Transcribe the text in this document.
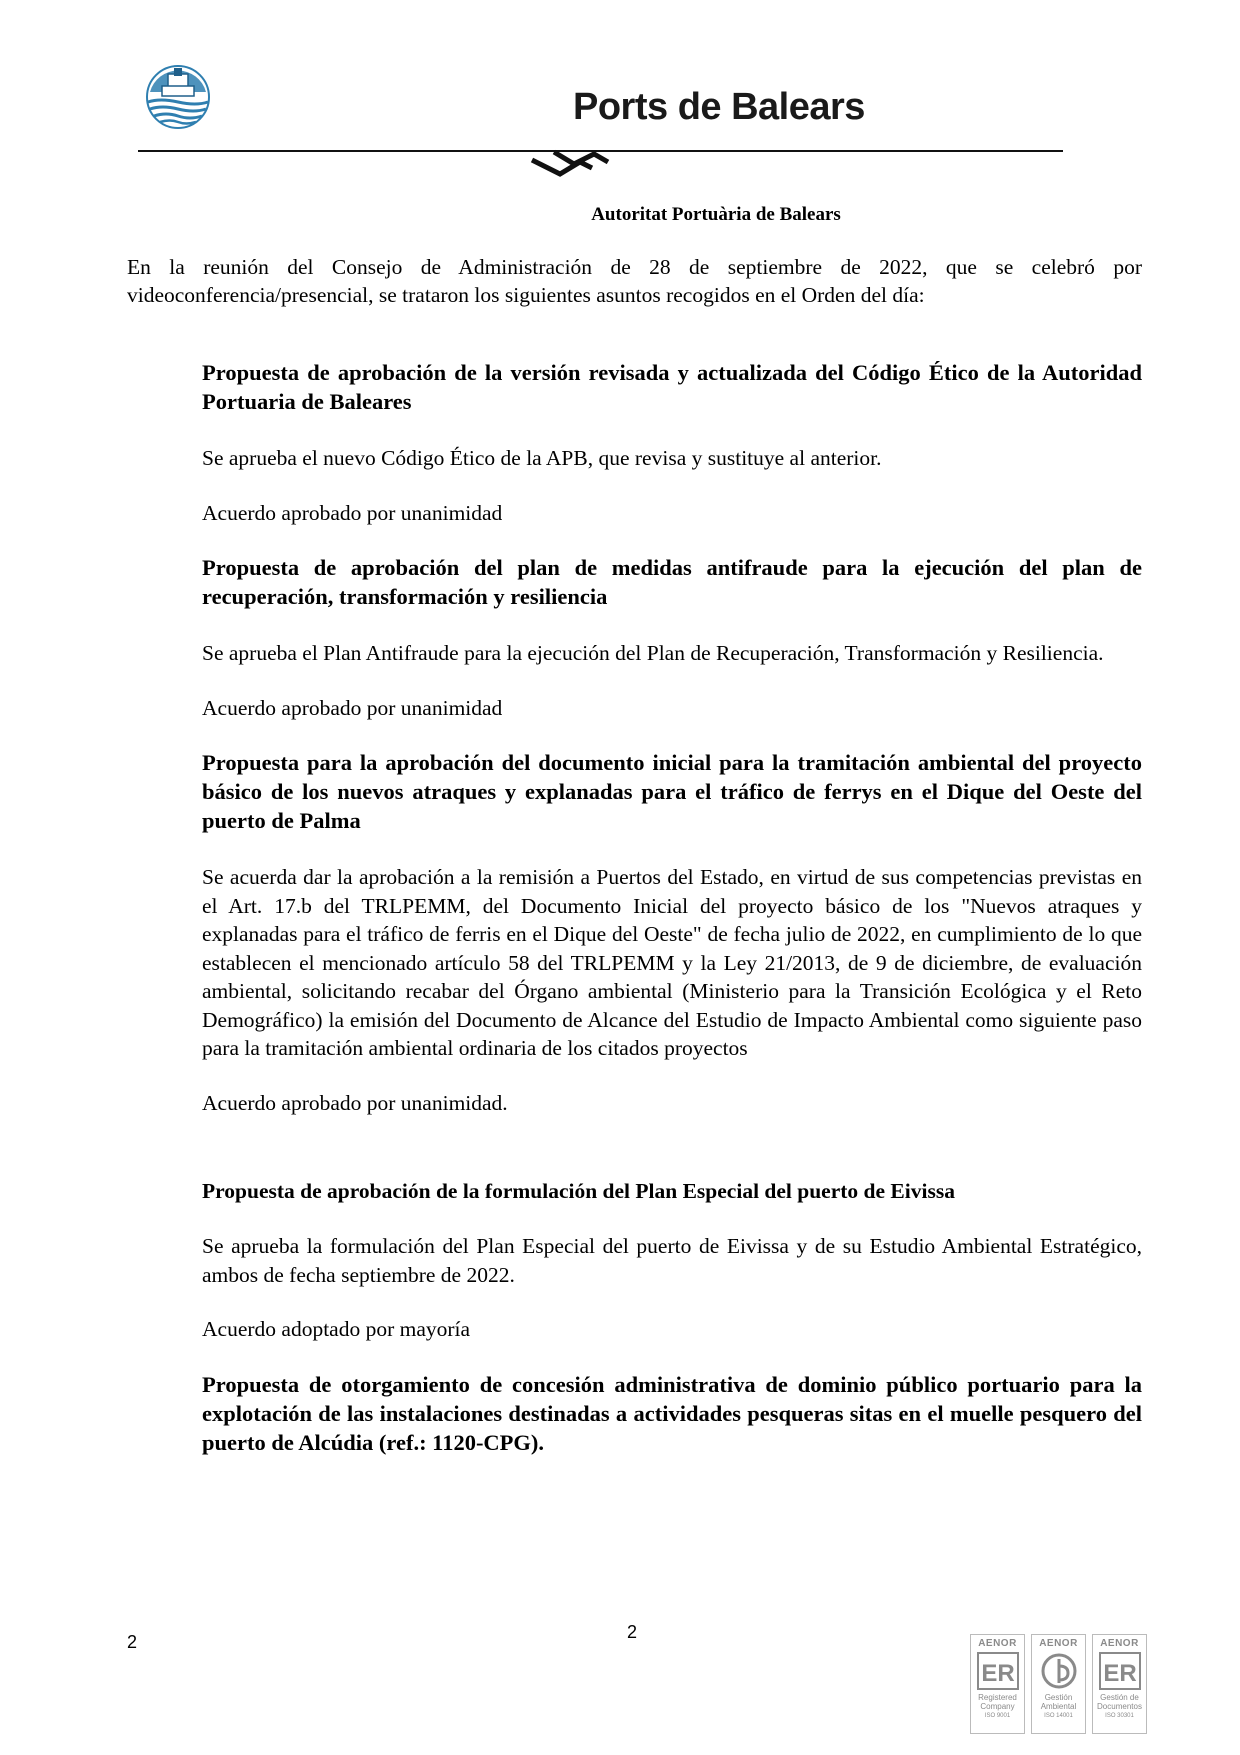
Ports de Balears
Autoritat Portuària de Balears

En la reunión del Consejo de Administración de 28 de septiembre de 2022, que se celebró por videoconferencia/presencial, se trataron los siguientes asuntos recogidos en el Orden del día:

Propuesta de aprobación de la versión revisada y actualizada del Código Ético de la Autoridad Portuaria de Baleares

Se aprueba el nuevo Código Ético de la APB, que revisa y sustituye al anterior.

Acuerdo aprobado por unanimidad

Propuesta de aprobación del plan de medidas antifraude para la ejecución del plan de recuperación, transformación y resiliencia

Se aprueba el Plan Antifraude para la ejecución del Plan de Recuperación, Transformación y Resiliencia.

Acuerdo aprobado por unanimidad

Propuesta para la aprobación del documento inicial para la tramitación ambiental del proyecto básico de los nuevos atraques y explanadas para el tráfico de ferrys en el Dique del Oeste del puerto de Palma

Se acuerda dar la aprobación a la remisión a Puertos del Estado, en virtud de sus competencias previstas en el Art. 17.b del TRLPEMM, del Documento Inicial del proyecto básico de los "Nuevos atraques y explanadas para el tráfico de ferris en el Dique del Oeste" de fecha julio de 2022, en cumplimiento de lo que establecen el mencionado artículo 58 del TRLPEMM y la Ley 21/2013, de 9 de diciembre, de evaluación ambiental, solicitando recabar del Órgano ambiental (Ministerio para la Transición Ecológica y el Reto Demográfico) la emisión del Documento de Alcance del Estudio de Impacto Ambiental como siguiente paso para la tramitación ambiental ordinaria de los citados proyectos

Acuerdo aprobado por unanimidad.

Propuesta de aprobación de la formulación del Plan Especial del puerto de Eivissa

Se aprueba la formulación del Plan Especial del puerto de Eivissa y de su Estudio Ambiental Estratégico, ambos de fecha septiembre de 2022.

Acuerdo adoptado por mayoría

Propuesta de otorgamiento de concesión administrativa de dominio público portuario para la explotación de las instalaciones destinadas a actividades pesqueras sitas en el muelle pesquero del puerto de Alcúdia (ref.: 1120-CPG).

2	2
AENOR
ER
Registered Company
ISO 9001
AENOR
Gestión Ambiental
ISO 14001
AENOR
ER
Gestión de Documentos
ISO 30301
